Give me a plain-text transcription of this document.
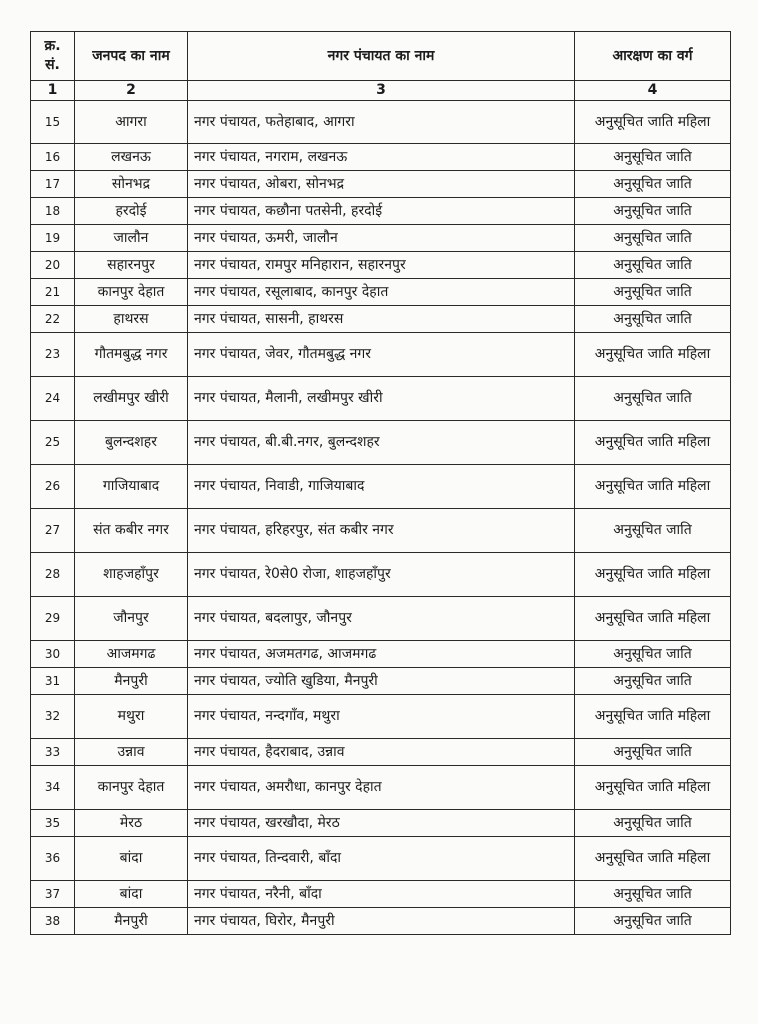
क्र. सं.	जनपद का नाम	नगर पंचायत का नाम	आरक्षण का वर्ग
1	2	3	4
15	आगरा	नगर पंचायत, फतेहाबाद, आगरा	अनुसूचित जाति महिला
16	लखनऊ	नगर पंचायत, नगराम, लखनऊ	अनुसूचित जाति
17	सोनभद्र	नगर पंचायत, ओबरा, सोनभद्र	अनुसूचित जाति
18	हरदोई	नगर पंचायत, कछौना पतसेनी, हरदोई	अनुसूचित जाति
19	जालौन	नगर पंचायत, ऊमरी, जालौन	अनुसूचित जाति
20	सहारनपुर	नगर पंचायत, रामपुर मनिहारान, सहारनपुर	अनुसूचित जाति
21	कानपुर देहात	नगर पंचायत, रसूलाबाद, कानपुर देहात	अनुसूचित जाति
22	हाथरस	नगर पंचायत, सासनी, हाथरस	अनुसूचित जाति
23	गौतमबुद्ध नगर	नगर पंचायत, जेवर, गौतमबुद्ध नगर	अनुसूचित जाति महिला
24	लखीमपुर खीरी	नगर पंचायत, मैलानी, लखीमपुर खीरी	अनुसूचित जाति
25	बुलन्दशहर	नगर पंचायत, बी.बी.नगर, बुलन्दशहर	अनुसूचित जाति महिला
26	गाजियाबाद	नगर पंचायत, निवाडी, गाजियाबाद	अनुसूचित जाति महिला
27	संत कबीर नगर	नगर पंचायत, हरिहरपुर, संत कबीर नगर	अनुसूचित जाति
28	शाहजहाँपुर	नगर पंचायत, रे0से0 रोजा, शाहजहाँपुर	अनुसूचित जाति महिला
29	जौनपुर	नगर पंचायत, बदलापुर, जौनपुर	अनुसूचित जाति महिला
30	आजमगढ	नगर पंचायत, अजमतगढ, आजमगढ	अनुसूचित जाति
31	मैनपुरी	नगर पंचायत, ज्योति खुडिया, मैनपुरी	अनुसूचित जाति
32	मथुरा	नगर पंचायत, नन्दगाँव, मथुरा	अनुसूचित जाति महिला
33	उन्नाव	नगर पंचायत, हैदराबाद, उन्नाव	अनुसूचित जाति
34	कानपुर देहात	नगर पंचायत, अमरौधा, कानपुर देहात	अनुसूचित जाति महिला
35	मेरठ	नगर पंचायत, खरखौदा, मेरठ	अनुसूचित जाति
36	बांदा	नगर पंचायत, तिन्दवारी, बाँदा	अनुसूचित जाति महिला
37	बांदा	नगर पंचायत, नरैनी, बाँदा	अनुसूचित जाति
38	मैनपुरी	नगर पंचायत, घिरोर, मैनपुरी	अनुसूचित जाति
